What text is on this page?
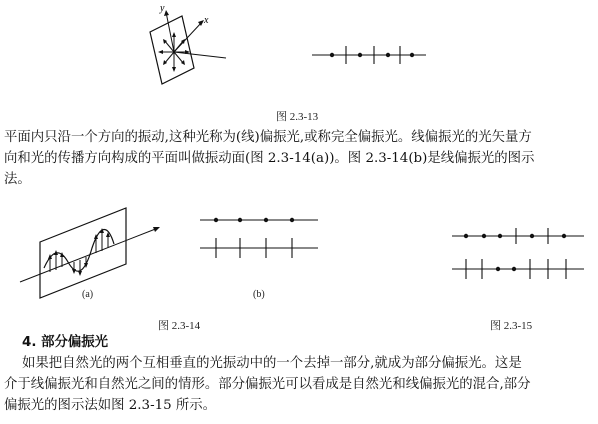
y
x
图 2.3-13
平面内只沿一个方向的振动,这种光称为(线)偏振光,或称完全偏振光。线偏振光的光矢量方
向和光的传播方向构成的平面叫做振动面(图 2.3-14(a))。图 2.3-14(b)是线偏振光的图示
法。
(a)	(b)
图 2.3-14	图 2.3-15
4. 部分偏振光
如果把自然光的两个互相垂直的光振动中的一个去掉一部分,就成为部分偏振光。这是
介于线偏振光和自然光之间的情形。部分偏振光可以看成是自然光和线偏振光的混合,部分
偏振光的图示法如图 2.3-15 所示。
